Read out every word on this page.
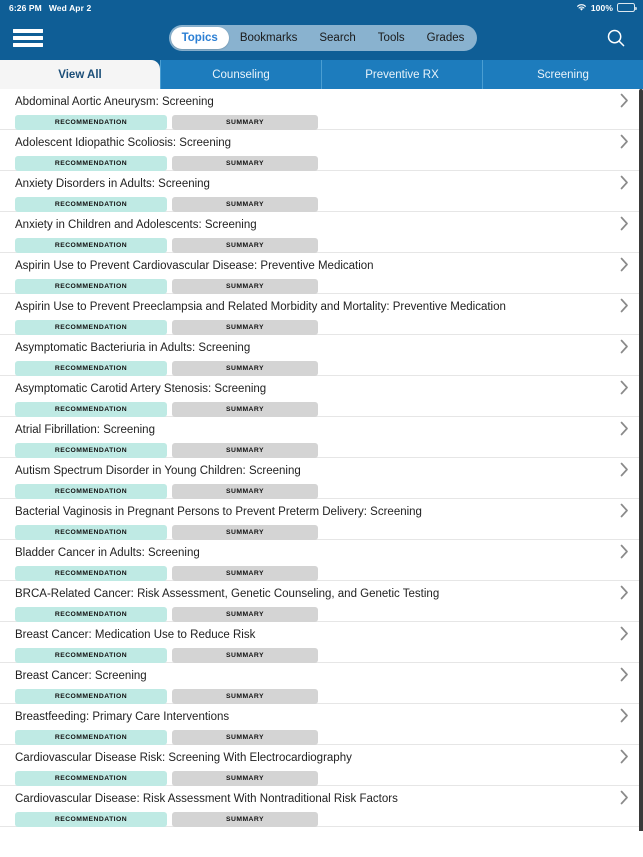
6:26 PM Wed Apr 2	100%
Topics	Bookmarks	Search	Tools	Grades
View All	Counseling	Preventive RX	Screening
Abdominal Aortic Aneurysm: Screening
RECOMMENDATION	SUMMARY
Adolescent Idiopathic Scoliosis: Screening
RECOMMENDATION	SUMMARY
Anxiety Disorders in Adults: Screening
RECOMMENDATION	SUMMARY
Anxiety in Children and Adolescents: Screening
RECOMMENDATION	SUMMARY
Aspirin Use to Prevent Cardiovascular Disease: Preventive Medication
RECOMMENDATION	SUMMARY
Aspirin Use to Prevent Preeclampsia and Related Morbidity and Mortality: Preventive Medication
RECOMMENDATION	SUMMARY
Asymptomatic Bacteriuria in Adults: Screening
RECOMMENDATION	SUMMARY
Asymptomatic Carotid Artery Stenosis: Screening
RECOMMENDATION	SUMMARY
Atrial Fibrillation: Screening
RECOMMENDATION	SUMMARY
Autism Spectrum Disorder in Young Children: Screening
RECOMMENDATION	SUMMARY
Bacterial Vaginosis in Pregnant Persons to Prevent Preterm Delivery: Screening
RECOMMENDATION	SUMMARY
Bladder Cancer in Adults: Screening
RECOMMENDATION	SUMMARY
BRCA-Related Cancer: Risk Assessment, Genetic Counseling, and Genetic Testing
RECOMMENDATION	SUMMARY
Breast Cancer: Medication Use to Reduce Risk
RECOMMENDATION	SUMMARY
Breast Cancer: Screening
RECOMMENDATION	SUMMARY
Breastfeeding: Primary Care Interventions
RECOMMENDATION	SUMMARY
Cardiovascular Disease Risk: Screening With Electrocardiography
RECOMMENDATION	SUMMARY
Cardiovascular Disease: Risk Assessment With Nontraditional Risk Factors
RECOMMENDATION	SUMMARY
